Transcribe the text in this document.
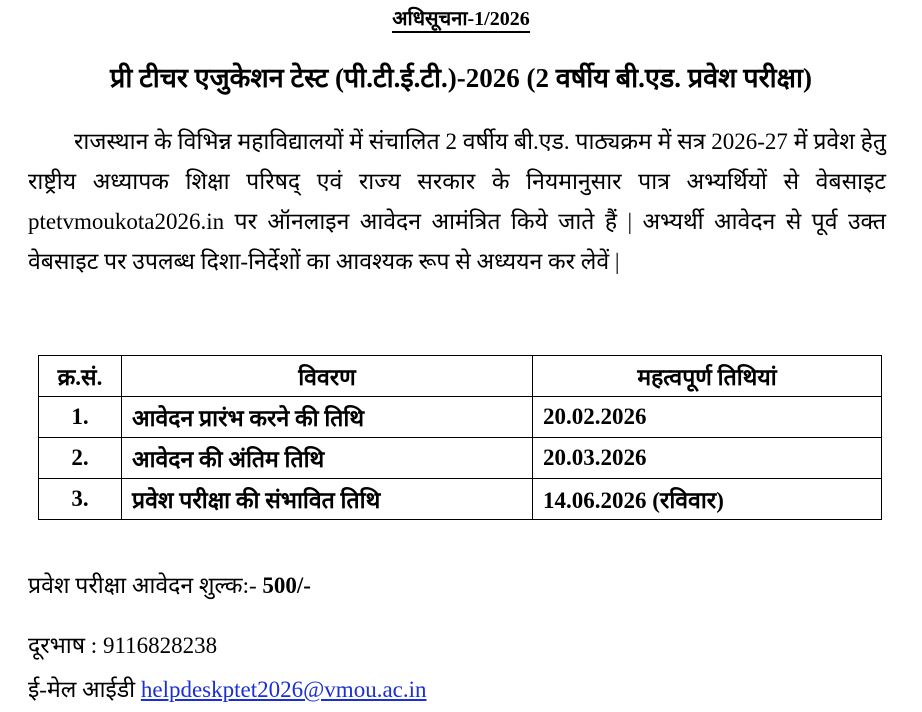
अधिसूचना-1/2026
प्री टीचर एजुकेशन टेस्ट (पी.टी.ई.टी.)-2026 (2 वर्षीय बी.एड. प्रवेश परीक्षा)

राजस्थान के विभिन्न महाविद्यालयों में संचालित 2 वर्षीय बी.एड. पाठ्यक्रम में सत्र 2026-27 में प्रवेश हेतु राष्ट्रीय अध्यापक शिक्षा परिषद् एवं राज्य सरकार के नियमानुसार पात्र अभ्यर्थियों से वेबसाइट ptetvmoukota2026.in पर ऑनलाइन आवेदन आमंत्रित किये जाते हैं | अभ्यर्थी आवेदन से पूर्व उक्त वेबसाइट पर उपलब्ध दिशा-निर्देशों का आवश्यक रूप से अध्ययन कर लेवें |

क्र.सं.	विवरण	महत्वपूर्ण तिथियां
1.	आवेदन प्रारंभ करने की तिथि	20.02.2026
2.	आवेदन की अंतिम तिथि	20.03.2026
3.	प्रवेश परीक्षा की संभावित तिथि	14.06.2026 (रविवार)
प्रवेश परीक्षा आवेदन शुल्क:- 500/-
दूरभाष : 9116828238
ई-मेल आईडी helpdeskptet2026@vmou.ac.in
